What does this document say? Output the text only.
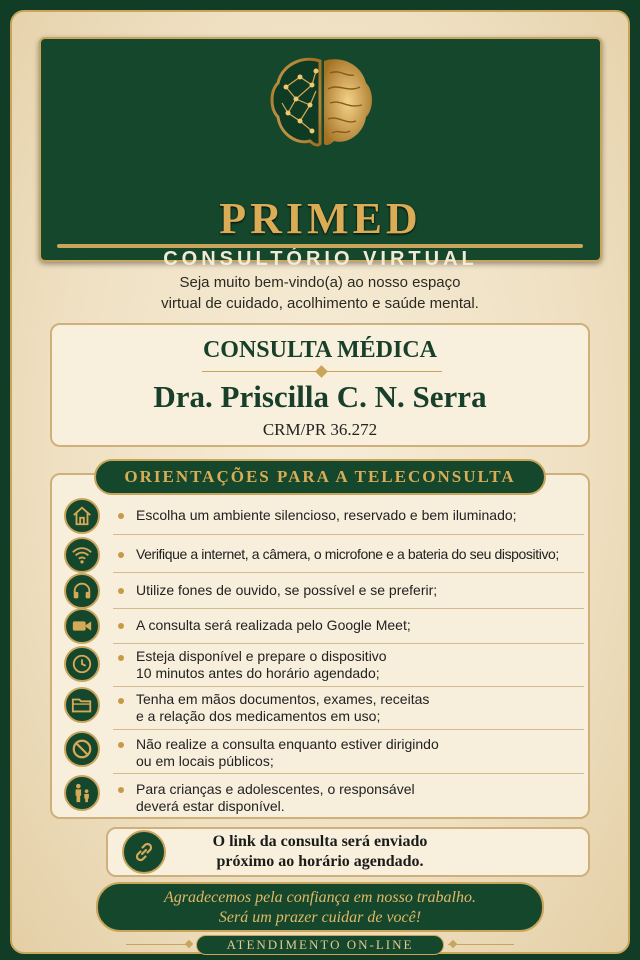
PRIMED
CONSULTÓRIO VIRTUAL
Seja muito bem-vindo(a) ao nosso espaço
virtual de cuidado, acolhimento e saúde mental.
CONSULTA MÉDICA
Dra. Priscilla C. N. Serra
CRM/PR 36.272
ORIENTAÇÕES PARA A TELECONSULTA
Escolha um ambiente silencioso, reservado e bem iluminado;
Verifique a internet, a câmera, o microfone e a bateria do seu dispositivo;
Utilize fones de ouvido, se possível e se preferir;
A consulta será realizada pelo Google Meet;
Esteja disponível e prepare o dispositivo
10 minutos antes do horário agendado;
Tenha em mãos documentos, exames, receitas
e a relação dos medicamentos em uso;
Não realize a consulta enquanto estiver dirigindo
ou em locais públicos;
Para crianças e adolescentes, o responsável
deverá estar disponível.
O link da consulta será enviado
próximo ao horário agendado.
Agradecemos pela confiança em nosso trabalho.
Será um prazer cuidar de você!
ATENDIMENTO ON-LINE
